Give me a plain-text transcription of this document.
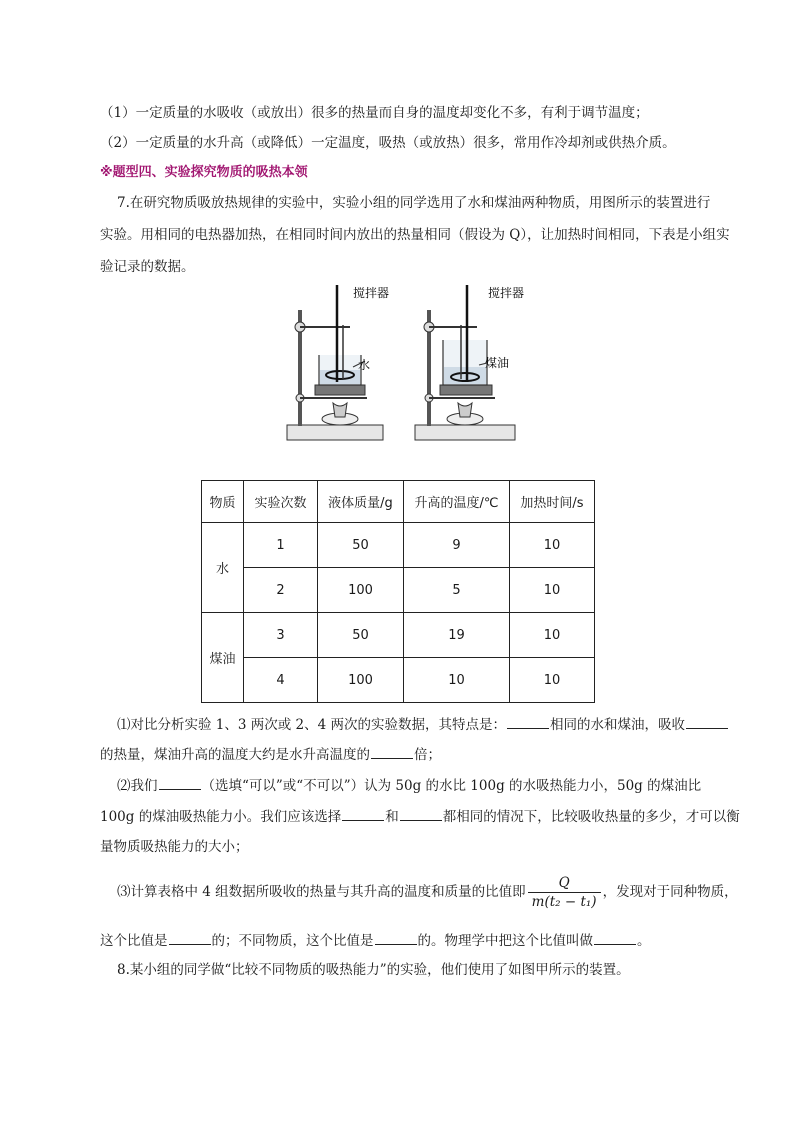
（1）一定质量的水吸收（或放出）很多的热量而自身的温度却变化不多，有利于调节温度；
（2）一定质量的水升高（或降低）一定温度，吸热（或放热）很多，常用作冷却剂或供热介质。
※题型四、实验探究物质的吸热本领
7.在研究物质吸放热规律的实验中，实验小组的同学选用了水和煤油两种物质，用图所示的装置进行
实验。用相同的电热器加热，在相同时间内放出的热量相同（假设为 Q），让加热时间相同，下表是小组实
验记录的数据。
搅拌器
水
搅拌器
煤油
物质	实验次数	液体质量/g	升高的温度/℃	加热时间/s
水	1	50	9	10
	2	100	5	10
煤油	3	50	19	10
	4	100	10	10
⑴对比分析实验 1、3 两次或 2、4 两次的实验数据，其特点是：	相同的水和煤油，吸收
的热量，煤油升高的温度大约是水升高温度的	倍；
⑵我们	（选填“可以”或“不可以”）认为 50g 的水比 100g 的水吸热能力小，50g 的煤油比
100g 的煤油吸热能力小。我们应该选择	和	都相同的情况下，比较吸收热量的多少，才可以衡
量物质吸热能力的大小；
⑶计算表格中 4 组数据所吸收的热量与其升高的温度和质量的比值即 $\frac{Q}{\text{m(t₂ − t₁)}}$ ，发现对于同种物质，
这个比值是	的；不同物质，这个比值是	的。物理学中把这个比值叫做	。
8.某小组的同学做“比较不同物质的吸热能力”的实验，他们使用了如图甲所示的装置。
